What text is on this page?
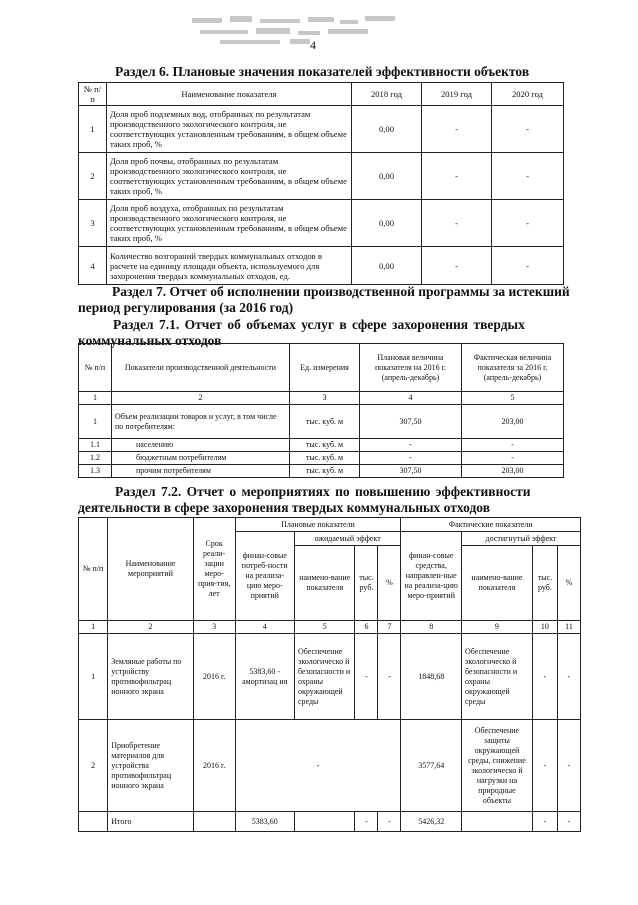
4
Раздел 6. Плановые значения показателей эффективности объектов
№ п/п	Наименование показателя	2018 год	2019 год	2020 год
1	Доля проб подземных вод, отобранных по результатам производственного экологического контроля, не соответствующих установленным требованиям, в общем объеме таких проб, %	0,00	-	-
2	Доля проб почвы, отобранных по результатам производственного экологического контроля, не соответствующих установленным требованиям, в общем объеме таких проб, %	0,00	-	-
3	Доля проб воздуха, отобранных по результатам производственного экологического контроля, не соответствующих установленным требованиям, в общем объеме таких проб, %	0,00	-	-
4	Количество возгораний твердых коммунальных отходов в расчете на единицу площади объекта, используемого для захоронения твердых коммунальных отходов, ед.	0,00	-	-
Раздел 7. Отчет об исполнении производственной программы за истекший
период регулирования (за 2016 год)
Раздел 7.1. Отчет об объемах услуг в сфере захоронения твердых
коммунальных отходов
№ п/п	Показатели производственной деятельности	Ед. измерения	Плановая величина показателя на 2016 г. (апрель-декабрь)	Фактическая величина показателя за 2016 г. (апрель-декабрь)
1	2	3	4	5
1	Объем реализации товаров и услуг, в том числе по потребителям:	тыс. куб. м	307,50	203,00
1.1	населению	тыс. куб. м	-	-
1.2	бюджетным потребителям	тыс. куб. м	-	-
1.3	прочим потребителям	тыс. куб. м	307,50	203,00
Раздел 7.2. Отчет о мероприятиях по повышению эффективности
деятельности в сфере захоронения твердых коммунальных отходов
№ п/п	Наименование мероприятий	Срок реали-зации меро-прия-тия, лет	Плановые показатели				Фактические показатели			
			финан-совые потреб-ности на реализа-цию меро-приятий	ожидаемый эффект			финан-совые средства, направлен-ные на реализа-цию меро-приятий	достигнутый эффект		
				наимено-вание показателя	тыс. руб.	%		наимено-вание показателя	тыс. руб.	%
1	2	3	4	5	6	7	8	9	10	11
1	Земляные работы по устройству противофильтрац ионного экрана	2016 г.	5383,60 - амортизац ия	Обеспечение экологическо й безопасности и охраны окружающей среды	-	-	1848,68	Обеспечение экологическо й безопасности и охраны окружающей среды	-	-
2	Приобретение материалов для устройства противофильтрац ионного экрана	2016 г.	-				3577,64	Обеспечение защиты окружающей среды, снижение экологическо й нагрузки на природные объекты	-	-
	Итого		5383,60		-	-	5426,32		-	-
